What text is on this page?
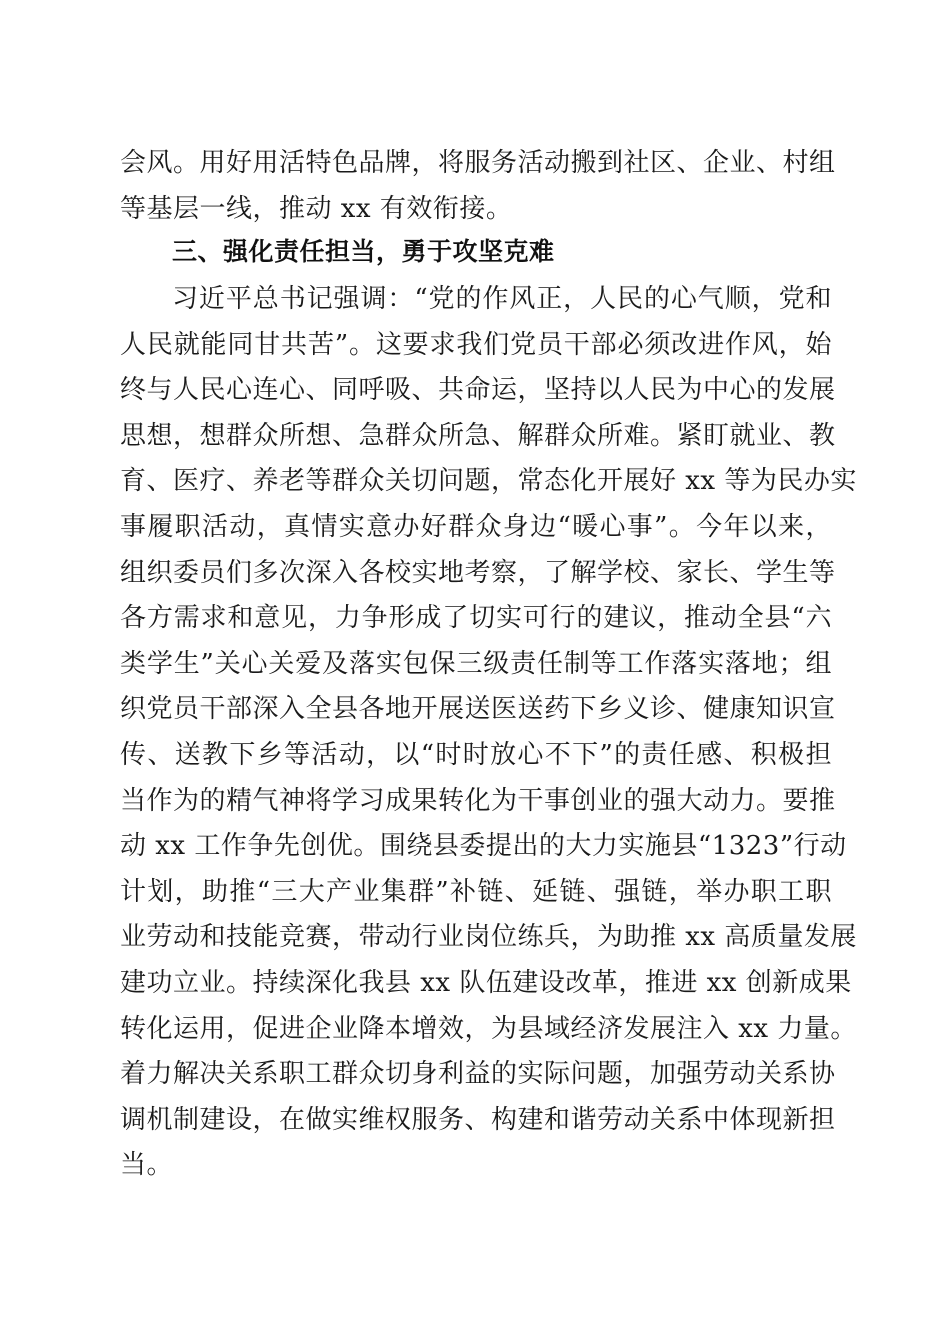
会风。用好用活特色品牌，将服务活动搬到社区、企业、村组
等基层一线，推动 xx 有效衔接。
三、强化责任担当，勇于攻坚克难
习近平总书记强调：“党的作风正，人民的心气顺，党和
人民就能同甘共苦”。这要求我们党员干部必须改进作风，始
终与人民心连心、同呼吸、共命运，坚持以人民为中心的发展
思想，想群众所想、急群众所急、解群众所难。紧盯就业、教
育、医疗、养老等群众关切问题，常态化开展好 xx 等为民办实
事履职活动，真情实意办好群众身边“暖心事”。今年以来，
组织委员们多次深入各校实地考察，了解学校、家长、学生等
各方需求和意见，力争形成了切实可行的建议，推动全县“六
类学生”关心关爱及落实包保三级责任制等工作落实落地；组
织党员干部深入全县各地开展送医送药下乡义诊、健康知识宣
传、送教下乡等活动，以“时时放心不下”的责任感、积极担
当作为的精气神将学习成果转化为干事创业的强大动力。要推
动 xx 工作争先创优。围绕县委提出的大力实施县“1323”行动
计划，助推“三大产业集群”补链、延链、强链，举办职工职
业劳动和技能竞赛，带动行业岗位练兵，为助推 xx 高质量发展
建功立业。持续深化我县 xx 队伍建设改革，推进 xx 创新成果
转化运用，促进企业降本增效，为县域经济发展注入 xx 力量。
着力解决关系职工群众切身利益的实际问题，加强劳动关系协
调机制建设，在做实维权服务、构建和谐劳动关系中体现新担
当。
